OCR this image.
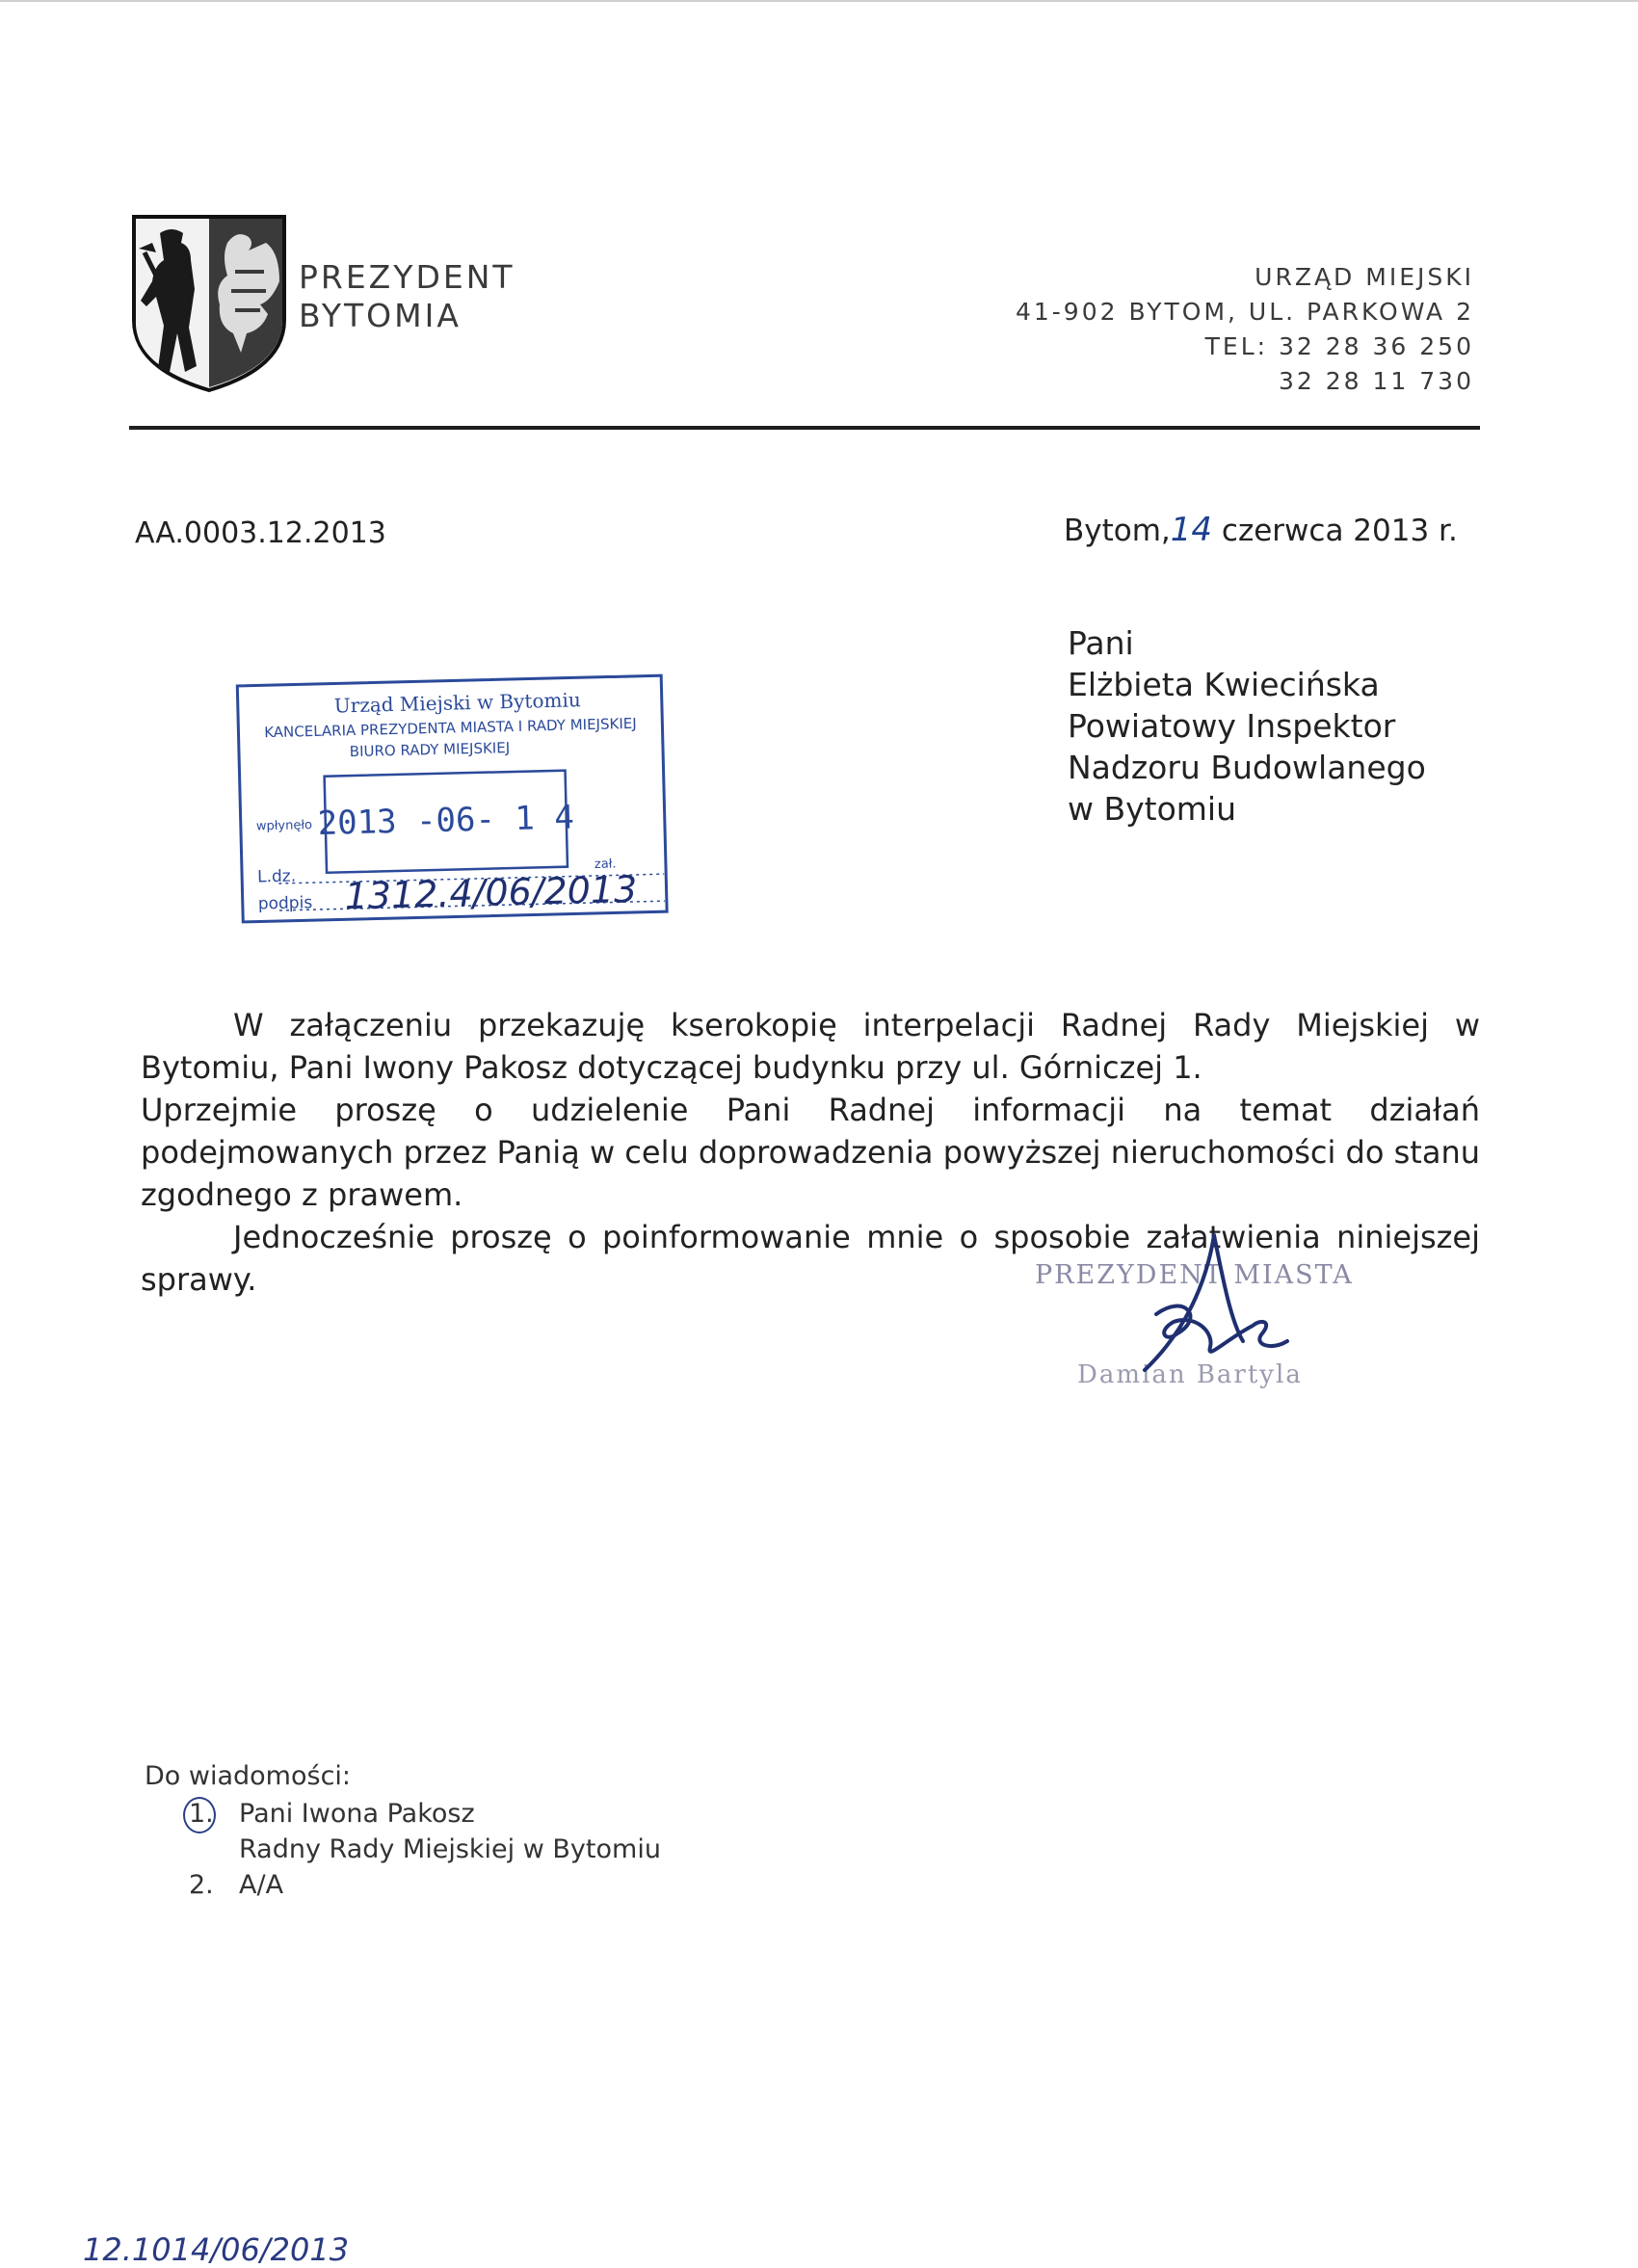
PREZYDENT
BYTOMIA
URZĄD MIEJSKI
41-902 BYTOM, UL. PARKOWA 2
TEL: 32 28 36 250
32 28 11 730
AA.0003.12.2013	Bytom,14 czerwca 2013 r.
Pani
Elżbieta Kwiecińska
Powiatowy Inspektor
Nadzoru Budowlanego
w Bytomiu
Urząd Miejski w Bytomiu
KANCELARIA PREZYDENTA MIASTA I RADY MIEJSKIEJ
BIURO RADY MIEJSKIEJ
wpłynęło 2013 -06- 1 4
L.dz.
podpis
zał.
1312.4/06/2013

W załączeniu przekazuję kserokopię interpelacji Radnej Rady Miejskiej w Bytomiu, Pani Iwony Pakosz dotyczącej budynku przy ul. Górniczej 1.

Uprzejmie proszę o udzielenie Pani Radnej informacji na temat działań podejmowanych przez Panią w celu doprowadzenia powyższej nieruchomości do stanu zgodnego z prawem.

Jednocześnie proszę o poinformowanie mnie o sposobie załatwienia niniejszej sprawy.	PREZYDENT MIASTA
Damian Bartyla
Do wiadomości:
1. Pani Iwona Pakosz
Radny Rady Miejskiej w Bytomiu
2. A/A
12.1014/06/2013
